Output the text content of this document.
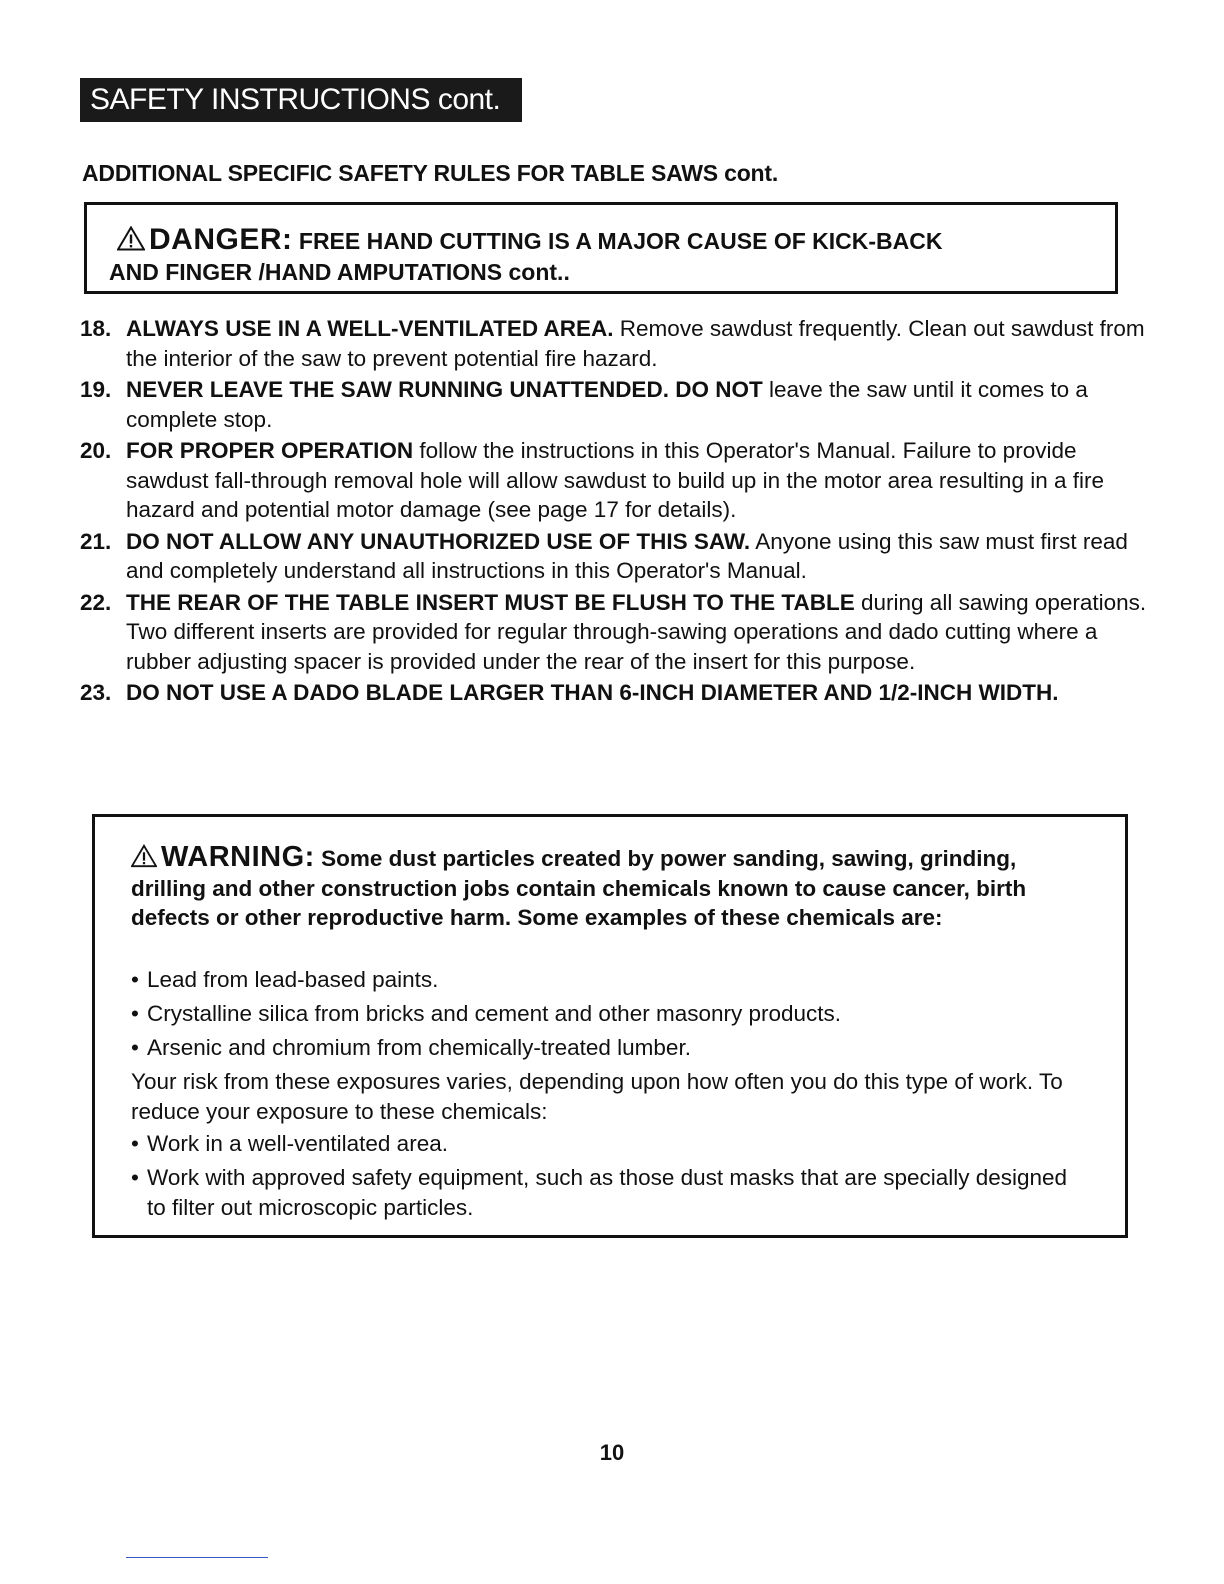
SAFETY INSTRUCTIONS cont.
ADDITIONAL SPECIFIC SAFETY RULES FOR TABLE SAWS cont.
DANGER: FREE HAND CUTTING IS A MAJOR CAUSE OF KICK-BACK
AND FINGER /HAND AMPUTATIONS cont..
18. ALWAYS USE IN A WELL-VENTILATED AREA. Remove sawdust frequently. Clean out sawdust from the interior of the saw to prevent potential fire hazard.
19. NEVER LEAVE THE SAW RUNNING UNATTENDED. DO NOT leave the saw until it comes to a complete stop.
20. FOR PROPER OPERATION follow the instructions in this Operator's Manual. Failure to provide sawdust fall-through removal hole will allow sawdust to build up in the motor area resulting in a fire hazard and potential motor damage (see page 17 for details).
21. DO NOT ALLOW ANY UNAUTHORIZED USE OF THIS SAW. Anyone using this saw must first read and completely understand all instructions in this Operator's Manual.
22. THE REAR OF THE TABLE INSERT MUST BE FLUSH TO THE TABLE during all sawing operations. Two different inserts are provided for regular through-sawing operations and dado cutting where a rubber adjusting spacer is provided under the rear of the insert for this purpose.
23. DO NOT USE A DADO BLADE LARGER THAN 6-INCH DIAMETER AND 1/2-INCH WIDTH.
WARNING: Some dust particles created by power sanding, sawing, grinding, drilling and other construction jobs contain chemicals known to cause cancer, birth defects or other reproductive harm. Some examples of these chemicals are:
• Lead from lead-based paints.
• Crystalline silica from bricks and cement and other masonry products.
• Arsenic and chromium from chemically-treated lumber.
Your risk from these exposures varies, depending upon how often you do this type of work. To reduce your exposure to these chemicals:
• Work in a well-ventilated area.
• Work with approved safety equipment, such as those dust masks that are specially designed to filter out microscopic particles.
10
